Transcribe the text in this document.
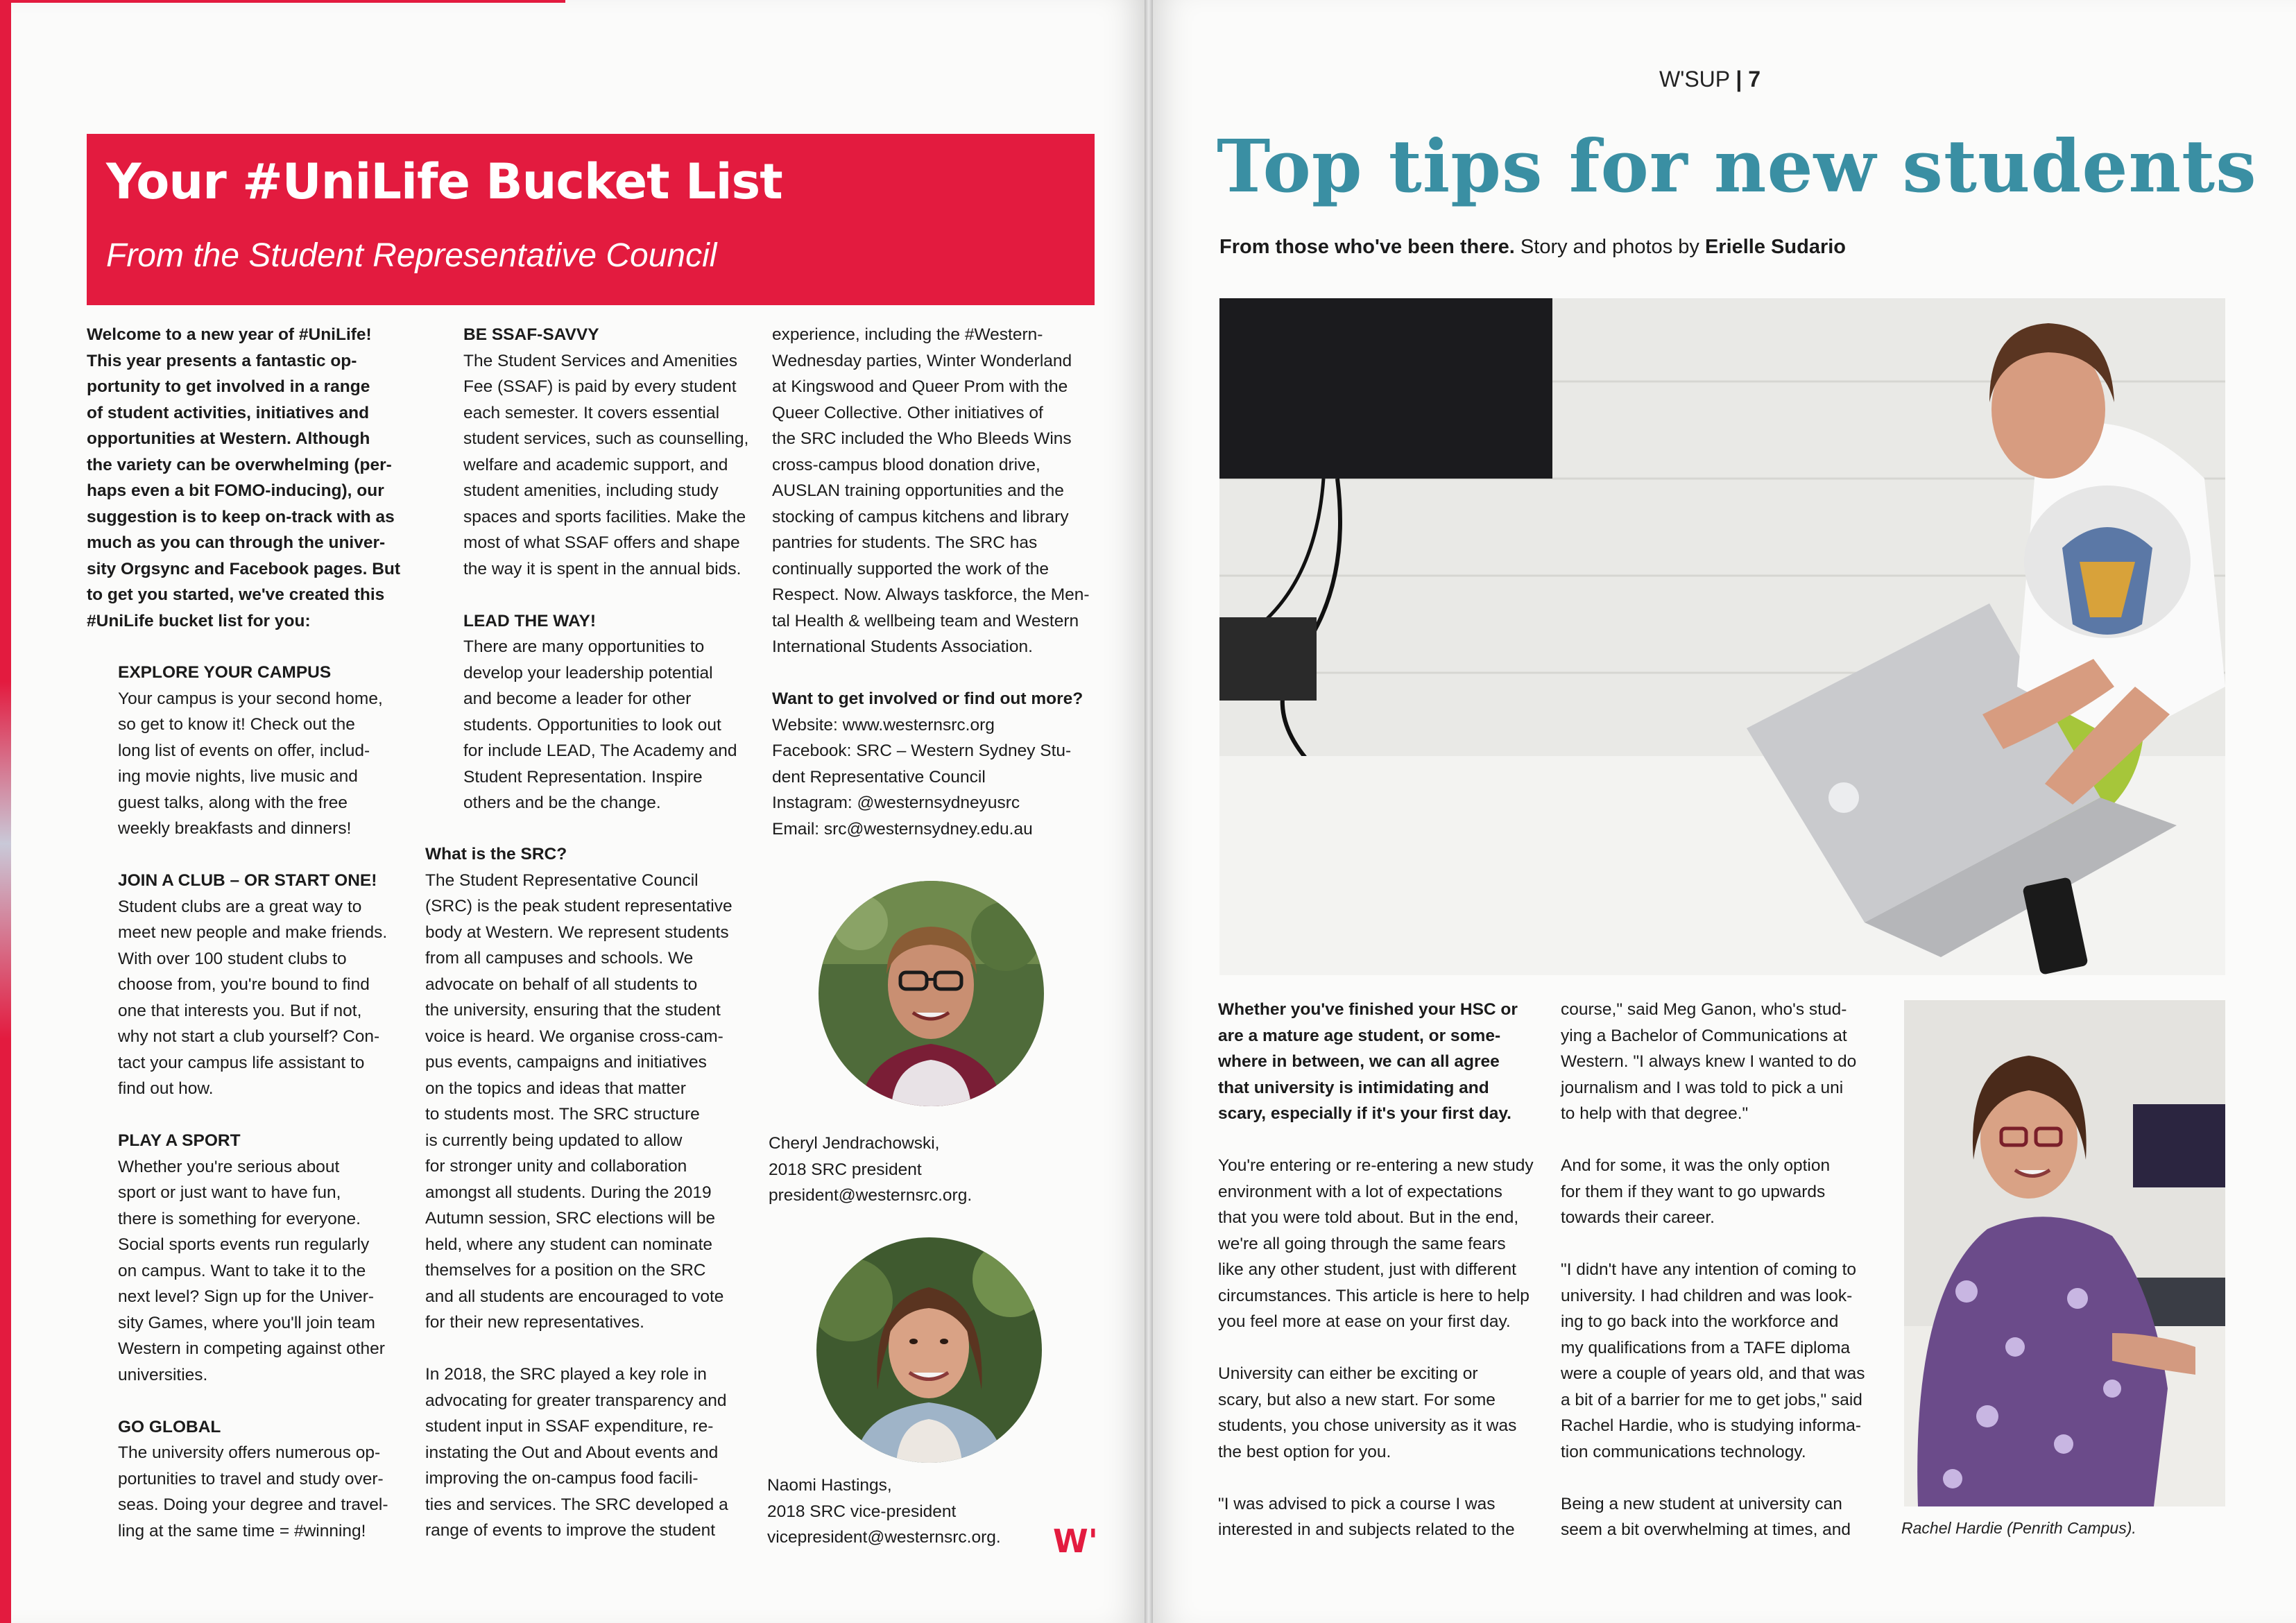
Your #UniLife Bucket List
From the Student Representative Council

Welcome to a new year of #UniLife!

This year presents a fantastic op-

portunity to get involved in a range

of student activities, initiatives and

opportunities at Western. Although

the variety can be overwhelming (per-

haps even a bit FOMO-inducing), our

suggestion is to keep on-track with as

much as you can through the univer-

sity Orgsync and Facebook pages. But

to get you started, we've created this

#UniLife bucket list for you:

EXPLORE YOUR CAMPUS

Your campus is your second home,

so get to know it! Check out the

long list of events on offer, includ-

ing movie nights, live music and

guest talks, along with the free

weekly breakfasts and dinners!

JOIN A CLUB – OR START ONE!

Student clubs are a great way to

meet new people and make friends.

With over 100 student clubs to

choose from, you're bound to find

one that interests you. But if not,

why not start a club yourself? Con-

tact your campus life assistant to

find out how.

PLAY A SPORT

Whether you're serious about

sport or just want to have fun,

there is something for everyone.

Social sports events run regularly

on campus. Want to take it to the

next level? Sign up for the Univer-

sity Games, where you'll join team

Western in competing against other

universities.

GO GLOBAL

The university offers numerous op-

portunities to travel and study over-

seas. Doing your degree and travel-

ling at the same time = #winning!

BE SSAF-SAVVY

The Student Services and Amenities

Fee (SSAF) is paid by every student

each semester. It covers essential

student services, such as counselling,

welfare and academic support, and

student amenities, including study

spaces and sports facilities. Make the

most of what SSAF offers and shape

the way it is spent in the annual bids.

LEAD THE WAY!

There are many opportunities to

develop your leadership potential

and become a leader for other

students. Opportunities to look out

for include LEAD, The Academy and

Student Representation. Inspire

others and be the change.

What is the SRC?

The Student Representative Council

(SRC) is the peak student representative

body at Western. We represent students

from all campuses and schools. We

advocate on behalf of all students to

the university, ensuring that the student

voice is heard. We organise cross-cam-

pus events, campaigns and initiatives

on the topics and ideas that matter

to students most. The SRC structure

is currently being updated to allow

for stronger unity and collaboration

amongst all students. During the 2019

Autumn session, SRC elections will be

held, where any student can nominate

themselves for a position on the SRC

and all students are encouraged to vote

for their new representatives.

In 2018, the SRC played a key role in

advocating for greater transparency and

student input in SSAF expenditure, re-

instating the Out and About events and

improving the on-campus food facili-

ties and services. The SRC developed a

range of events to improve the student

experience, including the #Western-

Wednesday parties, Winter Wonderland

at Kingswood and Queer Prom with the

Queer Collective. Other initiatives of

the SRC included the Who Bleeds Wins

cross-campus blood donation drive,

AUSLAN training opportunities and the

stocking of campus kitchens and library

pantries for students. The SRC has

continually supported the work of the

Respect. Now. Always taskforce, the Men-

tal Health & wellbeing team and Western

International Students Association.

Want to get involved or find out more?

Website: www.westernsrc.org

Facebook: SRC – Western Sydney Stu-

dent Representative Council

Instagram: @westernsydneyusrc

Email: src@westernsydney.edu.au

Cheryl Jendrachowski,

2018 SRC president

president@westernsrc.org.

Naomi Hastings,

2018 SRC vice-president

vicepresident@westernsrc.org.	W'
W'SUP | 7
Top tips for new students
From those who've been there. Story and photos by Erielle Sudario

Whether you've finished your HSC or

are a mature age student, or some-

where in between, we can all agree

that university is intimidating and

scary, especially if it's your first day.

You're entering or re-entering a new study

environment with a lot of expectations

that you were told about. But in the end,

we're all going through the same fears

like any other student, just with different

circumstances. This article is here to help

you feel more at ease on your first day.

University can either be exciting or

scary, but also a new start. For some

students, you chose university as it was

the best option for you.

"I was advised to pick a course I was

interested in and subjects related to the

course," said Meg Ganon, who's stud-

ying a Bachelor of Communications at

Western. "I always knew I wanted to do

journalism and I was told to pick a uni

to help with that degree."

And for some, it was the only option

for them if they want to go upwards

towards their career.

"I didn't have any intention of coming to

university. I had children and was look-

ing to go back into the workforce and

my qualifications from a TAFE diploma

were a couple of years old, and that was

a bit of a barrier for me to get jobs," said

Rachel Hardie, who is studying informa-

tion communications technology.

Being a new student at university can

seem a bit overwhelming at times, and	Rachel Hardie (Penrith Campus).
